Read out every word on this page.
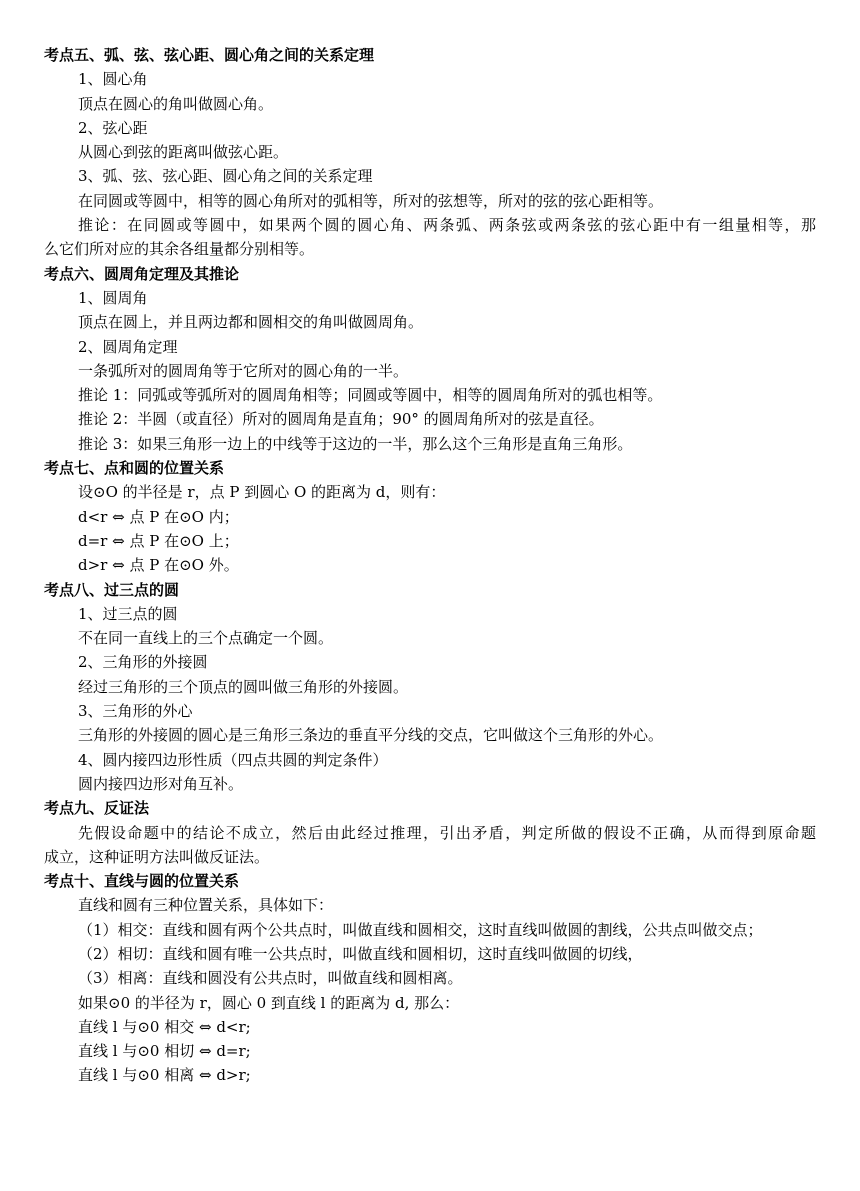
考点五、弧、弦、弦心距、圆心角之间的关系定理
1、圆心角
顶点在圆心的角叫做圆心角。
2、弦心距
从圆心到弦的距离叫做弦心距。
3、弧、弦、弦心距、圆心角之间的关系定理
在同圆或等圆中，相等的圆心角所对的弧相等，所对的弦想等，所对的弦的弦心距相等。
推论：在同圆或等圆中，如果两个圆的圆心角、两条弧、两条弦或两条弦的弦心距中有一组量相等，那
么它们所对应的其余各组量都分别相等。
考点六、圆周角定理及其推论
1、圆周角
顶点在圆上，并且两边都和圆相交的角叫做圆周角。
2、圆周角定理
一条弧所对的圆周角等于它所对的圆心角的一半。
推论 1：同弧或等弧所对的圆周角相等；同圆或等圆中，相等的圆周角所对的弧也相等。
推论 2：半圆（或直径）所对的圆周角是直角；90° 的圆周角所对的弦是直径。
推论 3：如果三角形一边上的中线等于这边的一半，那么这个三角形是直角三角形。
考点七、点和圆的位置关系
设⊙O 的半径是 r，点 P 到圆心 O 的距离为 d，则有：
d<r ⇔ 点 P 在⊙O 内；
d=r ⇔ 点 P 在⊙O 上；
d>r ⇔ 点 P 在⊙O 外。
考点八、过三点的圆
1、过三点的圆
不在同一直线上的三个点确定一个圆。
2、三角形的外接圆
经过三角形的三个顶点的圆叫做三角形的外接圆。
3、三角形的外心
三角形的外接圆的圆心是三角形三条边的垂直平分线的交点，它叫做这个三角形的外心。
4、圆内接四边形性质（四点共圆的判定条件）
圆内接四边形对角互补。
考点九、反证法
先假设命题中的结论不成立，然后由此经过推理，引出矛盾，判定所做的假设不正确，从而得到原命题
成立，这种证明方法叫做反证法。
考点十、直线与圆的位置关系
直线和圆有三种位置关系，具体如下：
（1）相交：直线和圆有两个公共点时，叫做直线和圆相交，这时直线叫做圆的割线，公共点叫做交点；
（2）相切：直线和圆有唯一公共点时，叫做直线和圆相切，这时直线叫做圆的切线，
（3）相离：直线和圆没有公共点时，叫做直线和圆相离。
如果⊙0 的半径为 r，圆心 0 到直线 l 的距离为 d, 那么：
直线 l 与⊙0 相交 ⇔ d<r;
直线 l 与⊙0 相切 ⇔ d=r;
直线 l 与⊙0 相离 ⇔ d>r;
